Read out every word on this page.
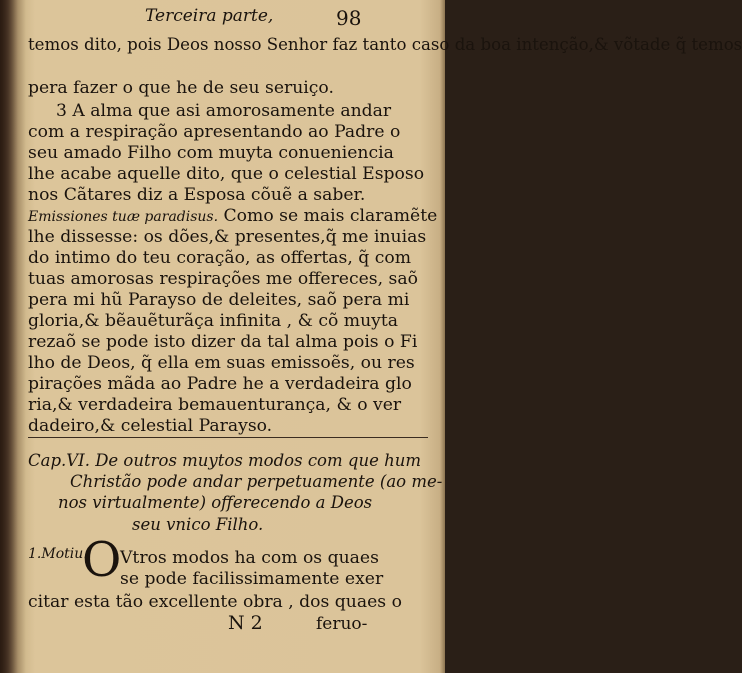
Terceira parte,	98
temos dito, pois Deos nosso Senhor faz tanto caso da boa intenção,& võtade q̃ temos
pera fazer o que he de seu seruiço.
3 A alma que asi amorosamente andar
com a respiração apresentando ao Padre o
seu amado Filho com muyta conueniencia
lhe acabe aquelle dito, que o celestial Esposo
nos Cãtares diz a Esposa cõuẽ a saber.
Emissiones tuæ paradisus. Como se mais claramẽte
lhe dissesse: os dões,& presentes,q̃ me inuias
do intimo do teu coração, as offertas, q̃ com
tuas amorosas respirações me offereces, saõ
pera mi hũ Parayso de deleites, saõ pera mi
gloria,& bẽauẽturãça infinita , & cõ muyta
rezaõ se pode isto dizer da tal alma pois o Fi
lho de Deos, q̃ ella em suas emissoẽs, ou res
pirações mãda ao Padre he a verdadeira glo
ria,& verdadeira bemauenturança, & o ver
dadeiro,& celestial Parayso.
Cap.VI. De outros muytos modos com que hum
Christão pode andar perpetuamente (ao me-
nos virtualmente) offerecendo a Deos
seu vnico Filho.
1.Motiu.
O
Vtros modos ha com os quaes
se pode facilissimamente exer
citar esta tão excellente obra , dos quaes o
N 2	feruo-
